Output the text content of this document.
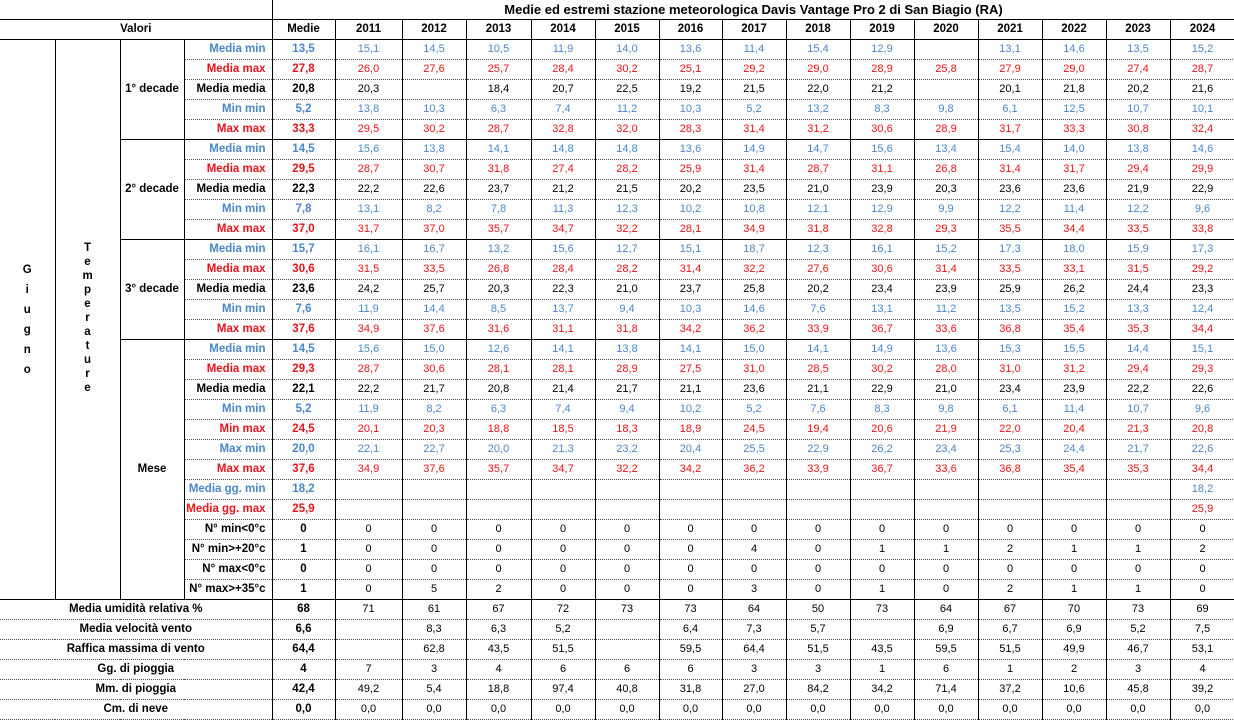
				Medie ed estremi stazione meteorologica Davis Vantage Pro 2 di San Biagio (RA)														
Valori				Medie	2011	2012	2013	2014	2015	2016	2017	2018	2019	2020	2021	2022	2023	2024
Giugno	Temperature	1° decade	Media min	13,5	15,1	14,5	10,5	11,9	14,0	13,6	11,4	15,4	12,9		13,1	14,6	13,5	15,2
			Media max	27,8	26,0	27,6	25,7	28,4	30,2	25,1	29,2	29,0	28,9	25,8	27,9	29,0	27,4	28,7
			Media media	20,8	20,3		18,4	20,7	22,5	19,2	21,5	22,0	21,2		20,1	21,8	20,2	21,6
			Min min	5,2	13,8	10,3	6,3	7,4	11,2	10,3	5,2	13,2	8,3	9,8	6,1	12,5	10,7	10,1
			Max max	33,3	29,5	30,2	28,7	32,8	32,0	28,3	31,4	31,2	30,6	28,9	31,7	33,3	30,8	32,4
		2° decade	Media min	14,5	15,6	13,8	14,1	14,8	14,8	13,6	14,9	14,7	15,6	13,4	15,4	14,0	13,8	14,6
			Media max	29,5	28,7	30,7	31,8	27,4	28,2	25,9	31,4	28,7	31,1	26,8	31,4	31,7	29,4	29,9
			Media media	22,3	22,2	22,6	23,7	21,2	21,5	20,2	23,5	21,0	23,9	20,3	23,6	23,6	21,9	22,9
			Min min	7,8	13,1	8,2	7,8	11,3	12,3	10,2	10,8	12,1	12,9	9,9	12,2	11,4	12,2	9,6
			Max max	37,0	31,7	37,0	35,7	34,7	32,2	28,1	34,9	31,8	32,8	29,3	35,5	34,4	33,5	33,8
		3° decade	Media min	15,7	16,1	16,7	13,2	15,6	12,7	15,1	18,7	12,3	16,1	15,2	17,3	18,0	15,9	17,3
			Media max	30,6	31,5	33,5	26,8	28,4	28,2	31,4	32,2	27,6	30,6	31,4	33,5	33,1	31,5	29,2
			Media media	23,6	24,2	25,7	20,3	22,3	21,0	23,7	25,8	20,2	23,4	23,9	25,9	26,2	24,4	23,3
			Min min	7,6	11,9	14,4	8,5	13,7	9,4	10,3	14,6	7,6	13,1	11,2	13,5	15,2	13,3	12,4
			Max max	37,6	34,9	37,6	31,6	31,1	31,8	34,2	36,2	33,9	36,7	33,6	36,8	35,4	35,3	34,4
		Mese	Media min	14,5	15,6	15,0	12,6	14,1	13,8	14,1	15,0	14,1	14,9	13,6	15,3	15,5	14,4	15,1
			Media max	29,3	28,7	30,6	28,1	28,1	28,9	27,5	31,0	28,5	30,2	28,0	31,0	31,2	29,4	29,3
			Media media	22,1	22,2	21,7	20,8	21,4	21,7	21,1	23,6	21,1	22,9	21,0	23,4	23,9	22,2	22,6
			Min min	5,2	11,9	8,2	6,3	7,4	9,4	10,2	5,2	7,6	8,3	9,8	6,1	11,4	10,7	9,6
			Min max	24,5	20,1	20,3	18,8	18,5	18,3	18,9	24,5	19,4	20,6	21,9	22,0	20,4	21,3	20,8
			Max min	20,0	22,1	22,7	20,0	21,3	23,2	20,4	25,5	22,9	26,2	23,4	25,3	24,4	21,7	22,6
			Max max	37,6	34,9	37,6	35,7	34,7	32,2	34,2	36,2	33,9	36,7	33,6	36,8	35,4	35,3	34,4
			Media gg. min	18,2														18,2
			Media gg. max	25,9														25,9
			N° min<0°c	0	0	0	0	0	0	0	0	0	0	0	0	0	0	0
			N° min>+20°c	1	0	0	0	0	0	0	4	0	1	1	2	1	1	2
			N° max<0°c	0	0	0	0	0	0	0	0	0	0	0	0	0	0	0
			N° max>+35°c	1	0	5	2	0	0	0	3	0	1	0	2	1	1	0
Media umidità relativa %				68	71	61	67	72	73	73	64	50	73	64	67	70	73	69
Media velocità vento				6,6		8,3	6,3	5,2		6,4	7,3	5,7		6,9	6,7	6,9	5,2	7,5
Raffica massima di vento				64,4		62,8	43,5	51,5		59,5	64,4	51,5	43,5	59,5	51,5	49,9	46,7	53,1
Gg. di pioggia				4	7	3	4	6	6	6	3	3	1	6	1	2	3	4
Mm. di pioggia				42,4	49,2	5,4	18,8	97,4	40,8	31,8	27,0	84,2	34,2	71,4	37,2	10,6	45,8	39,2
Cm. di neve				0,0	0,0	0,0	0,0	0,0	0,0	0,0	0,0	0,0	0,0	0,0	0,0	0,0	0,0	0,0
